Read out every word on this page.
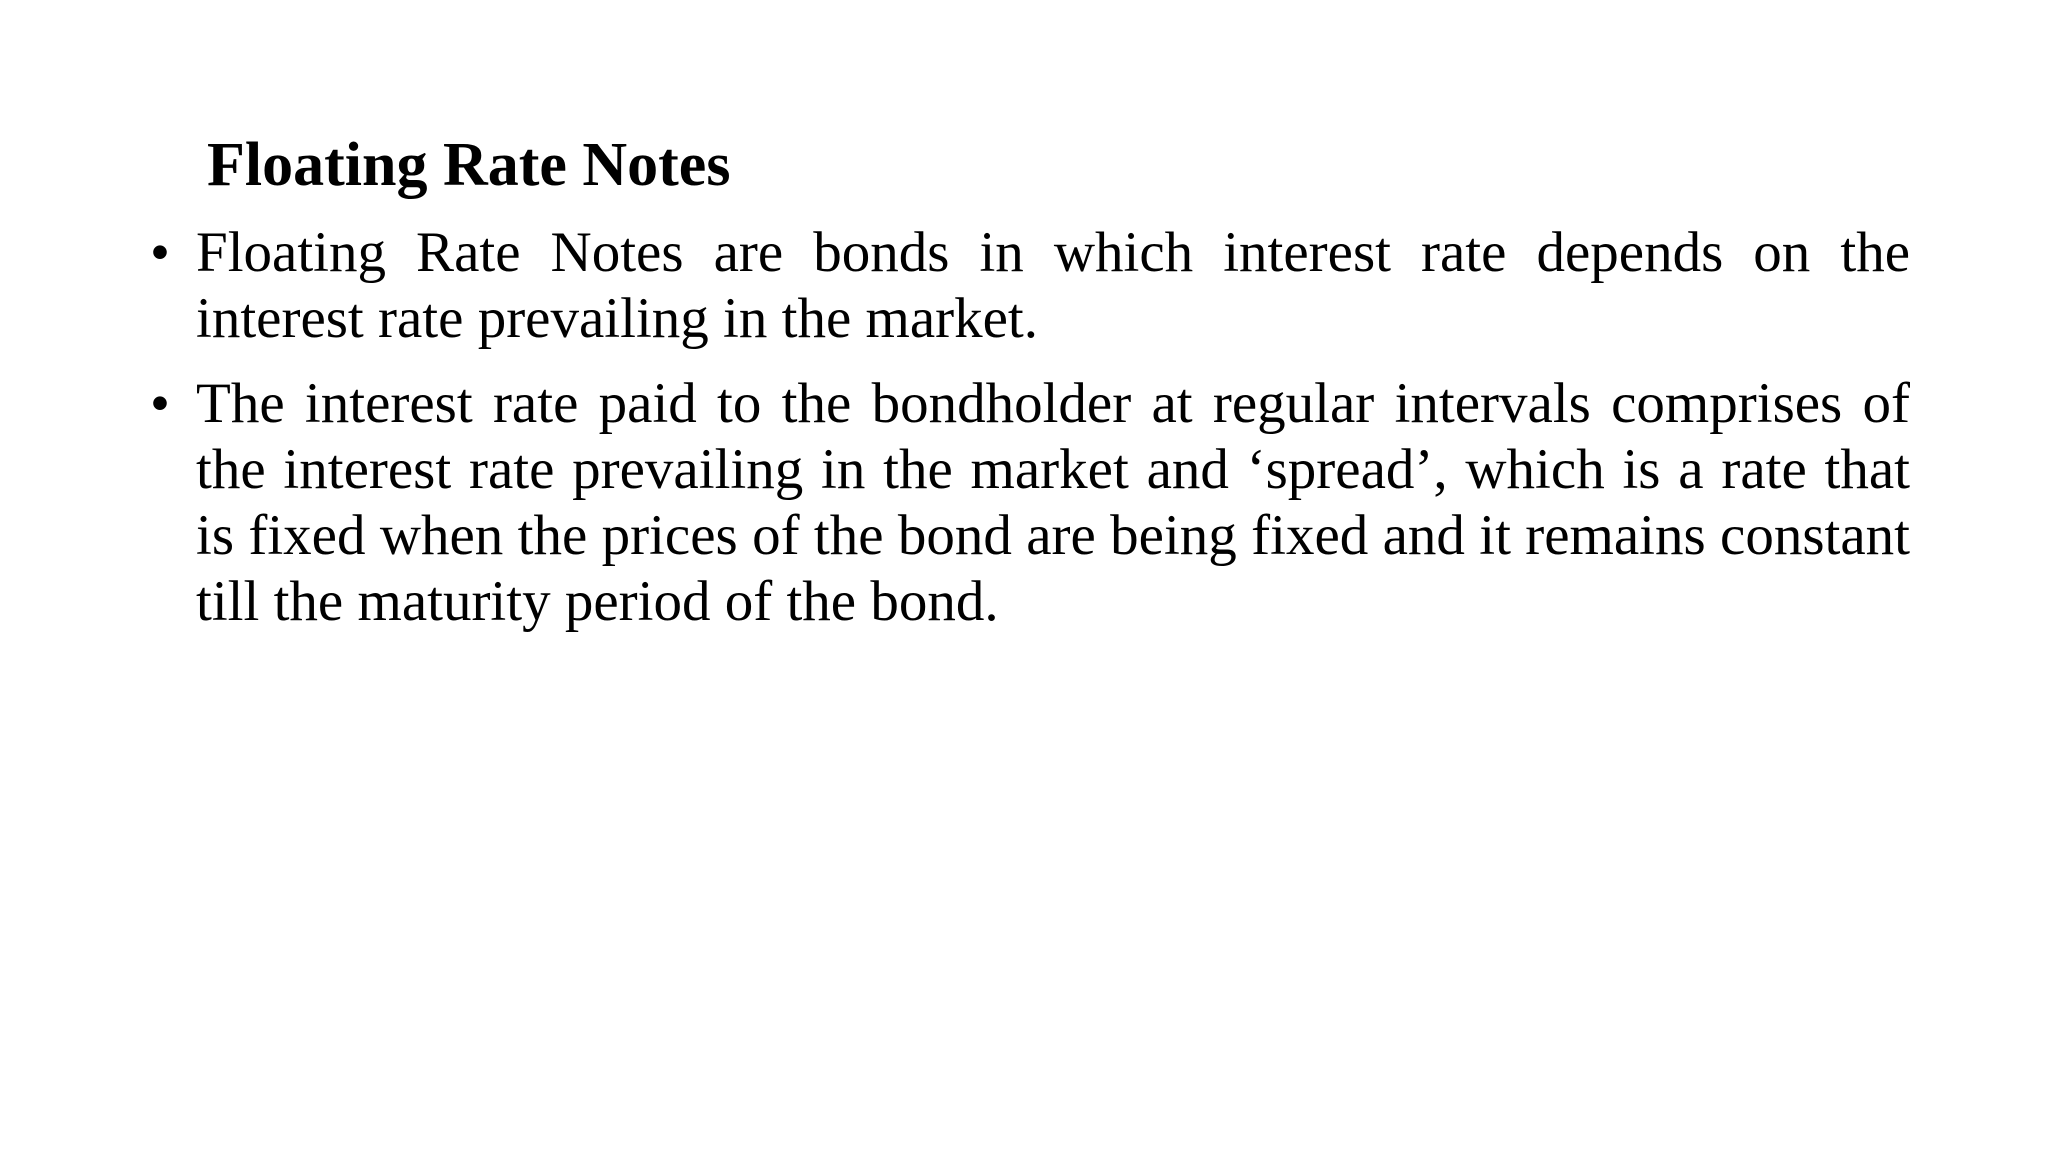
Floating Rate Notes
• Floating Rate Notes are bonds in which interest rate depends on the interest rate prevailing in the market.
• The interest rate paid to the bondholder at regular intervals comprises of the interest rate prevailing in the market and ‘spread’, which is a rate that is fixed when the prices of the bond are being fixed and it remains constant till the maturity period of the bond.
